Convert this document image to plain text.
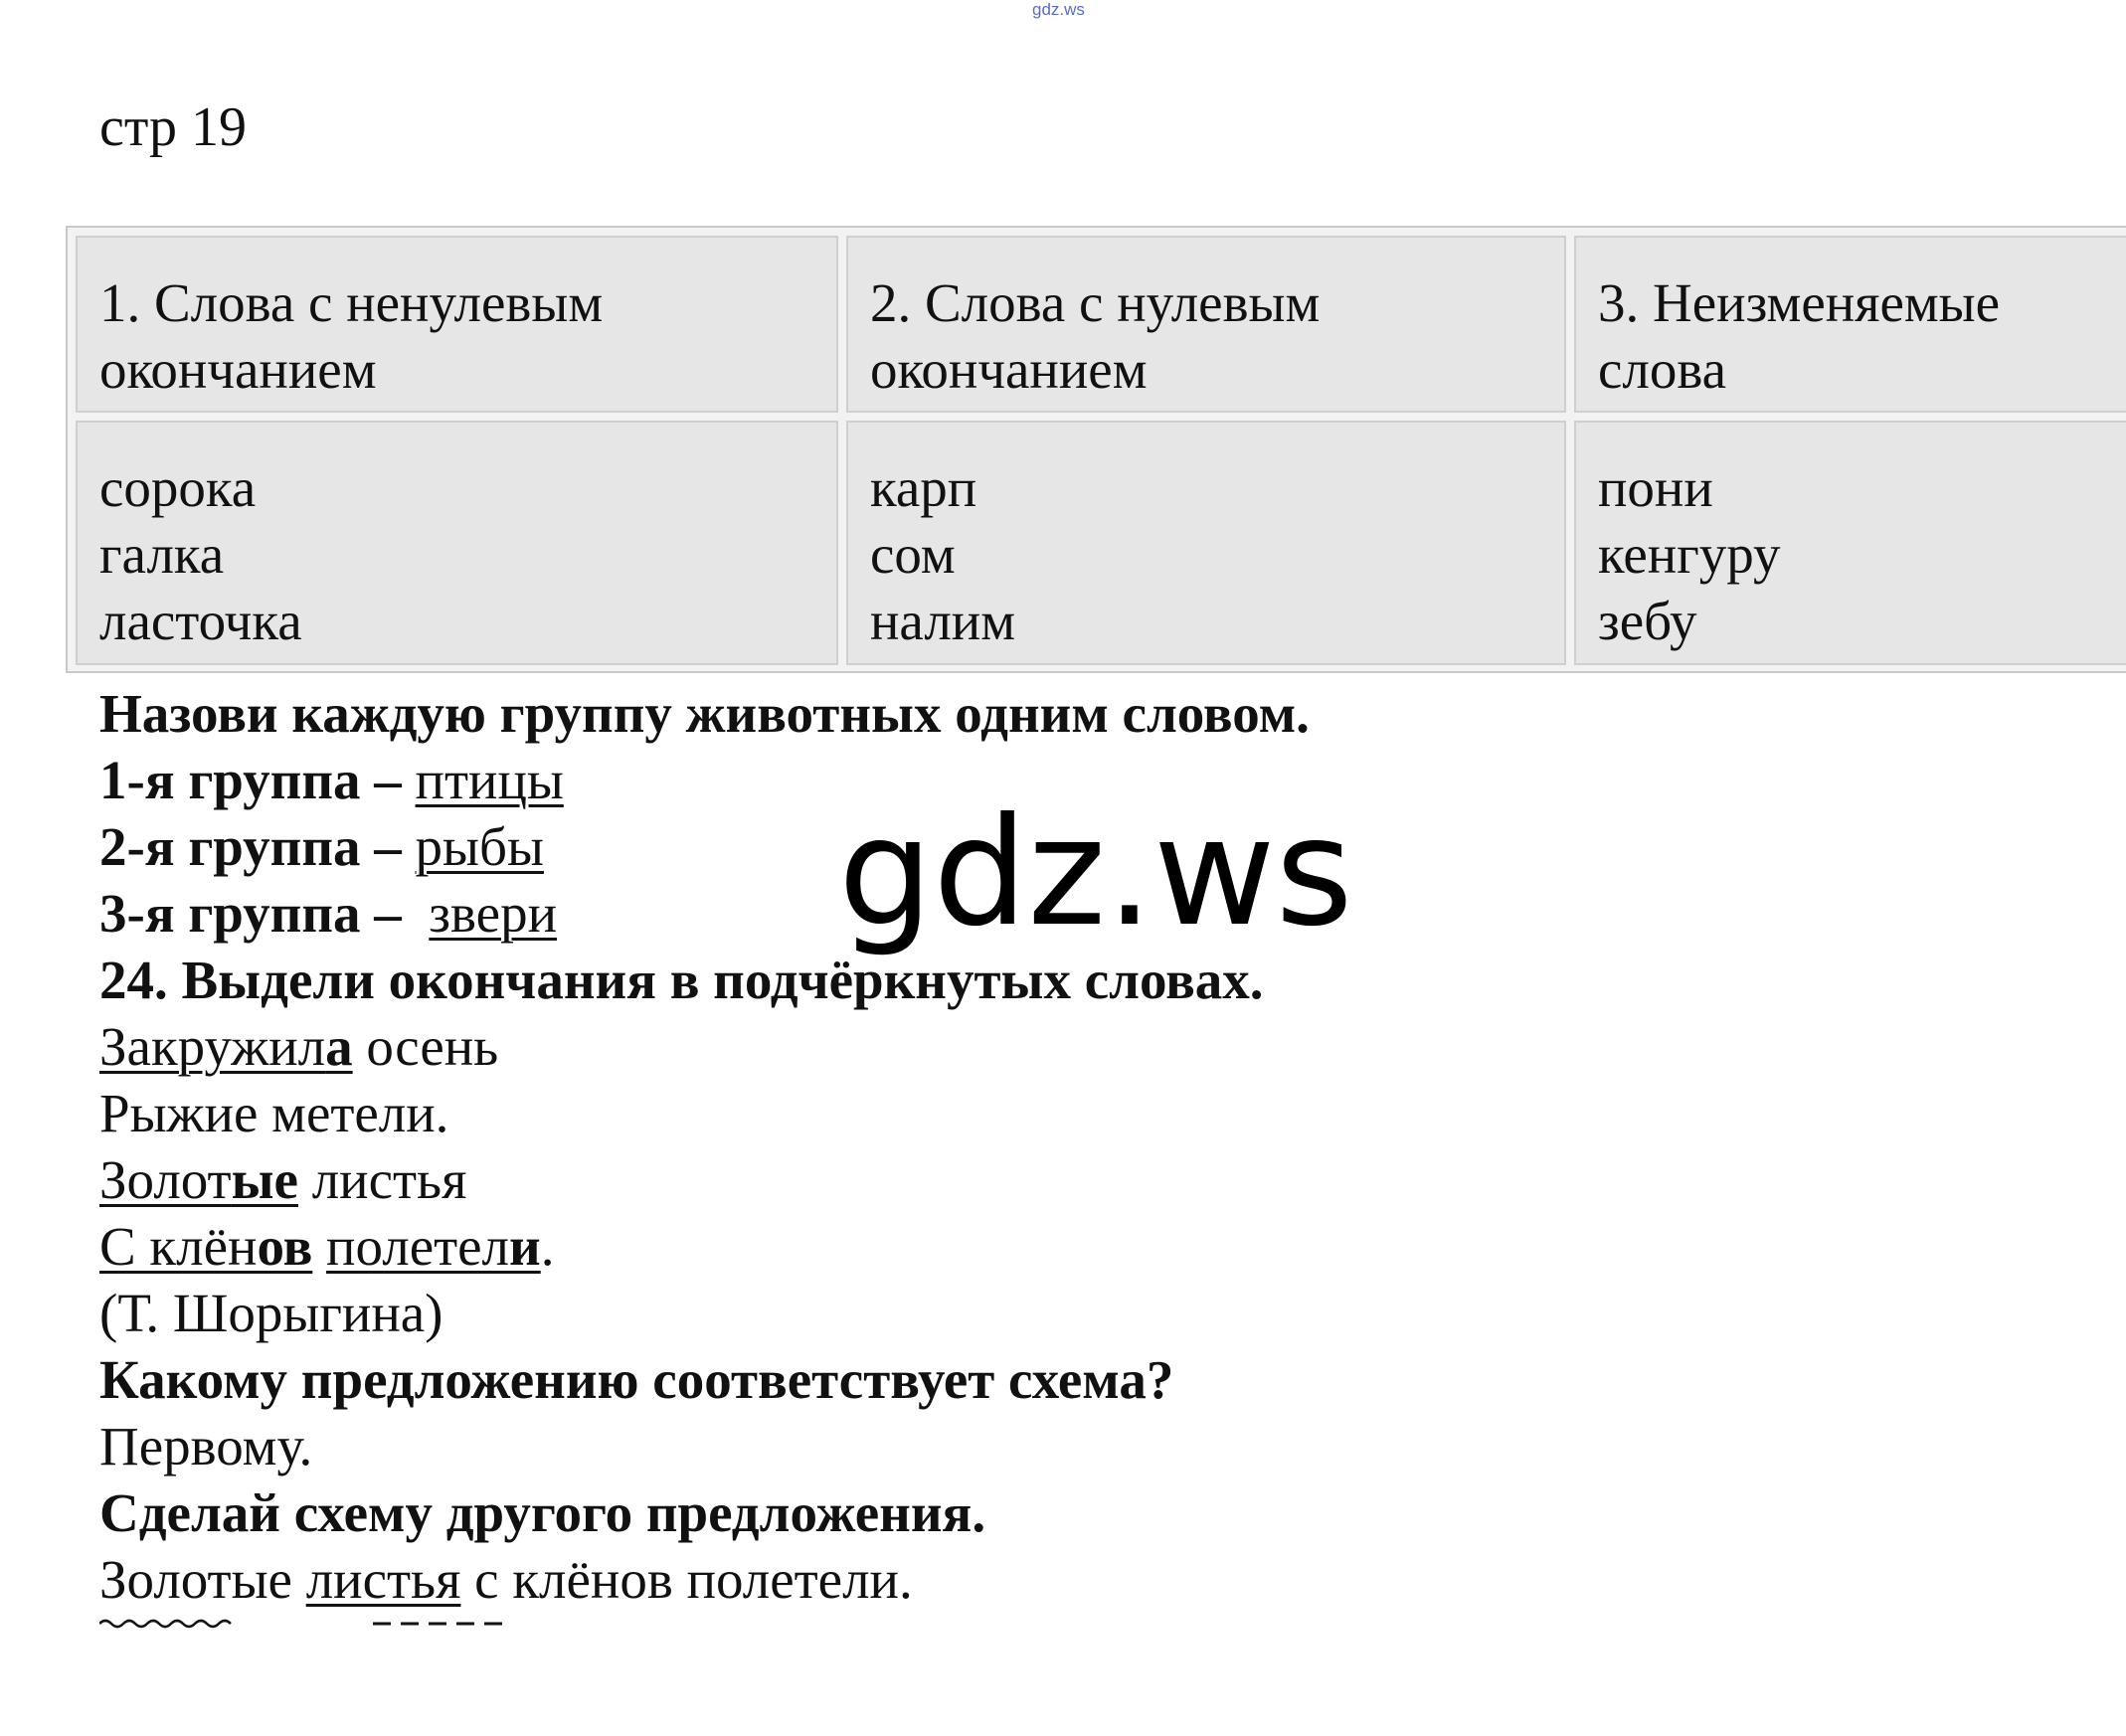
gdz.ws
стр 19
1. Слова с ненулевым
окончанием
2. Слова с нулевым
окончанием
3. Неизменяемые
слова
сорока
галка
ласточка
карп
сом
налим
пони
кенгуру
зебу
Назови каждую группу животных одним словом.
1-я группа – птицы
2-я группа – рыбы
3-я группа –  звери
24. Выдели окончания в подчёркнутых словах.
Закружила осень
Рыжие метели.
Золотые листья
С клёнов полетели.
(Т. Шорыгина)
Какому предложению соответствует схема?
Первому.
Сделай схему другого предложения.
Золотые листья с клёнов полетели.
gdz.ws
